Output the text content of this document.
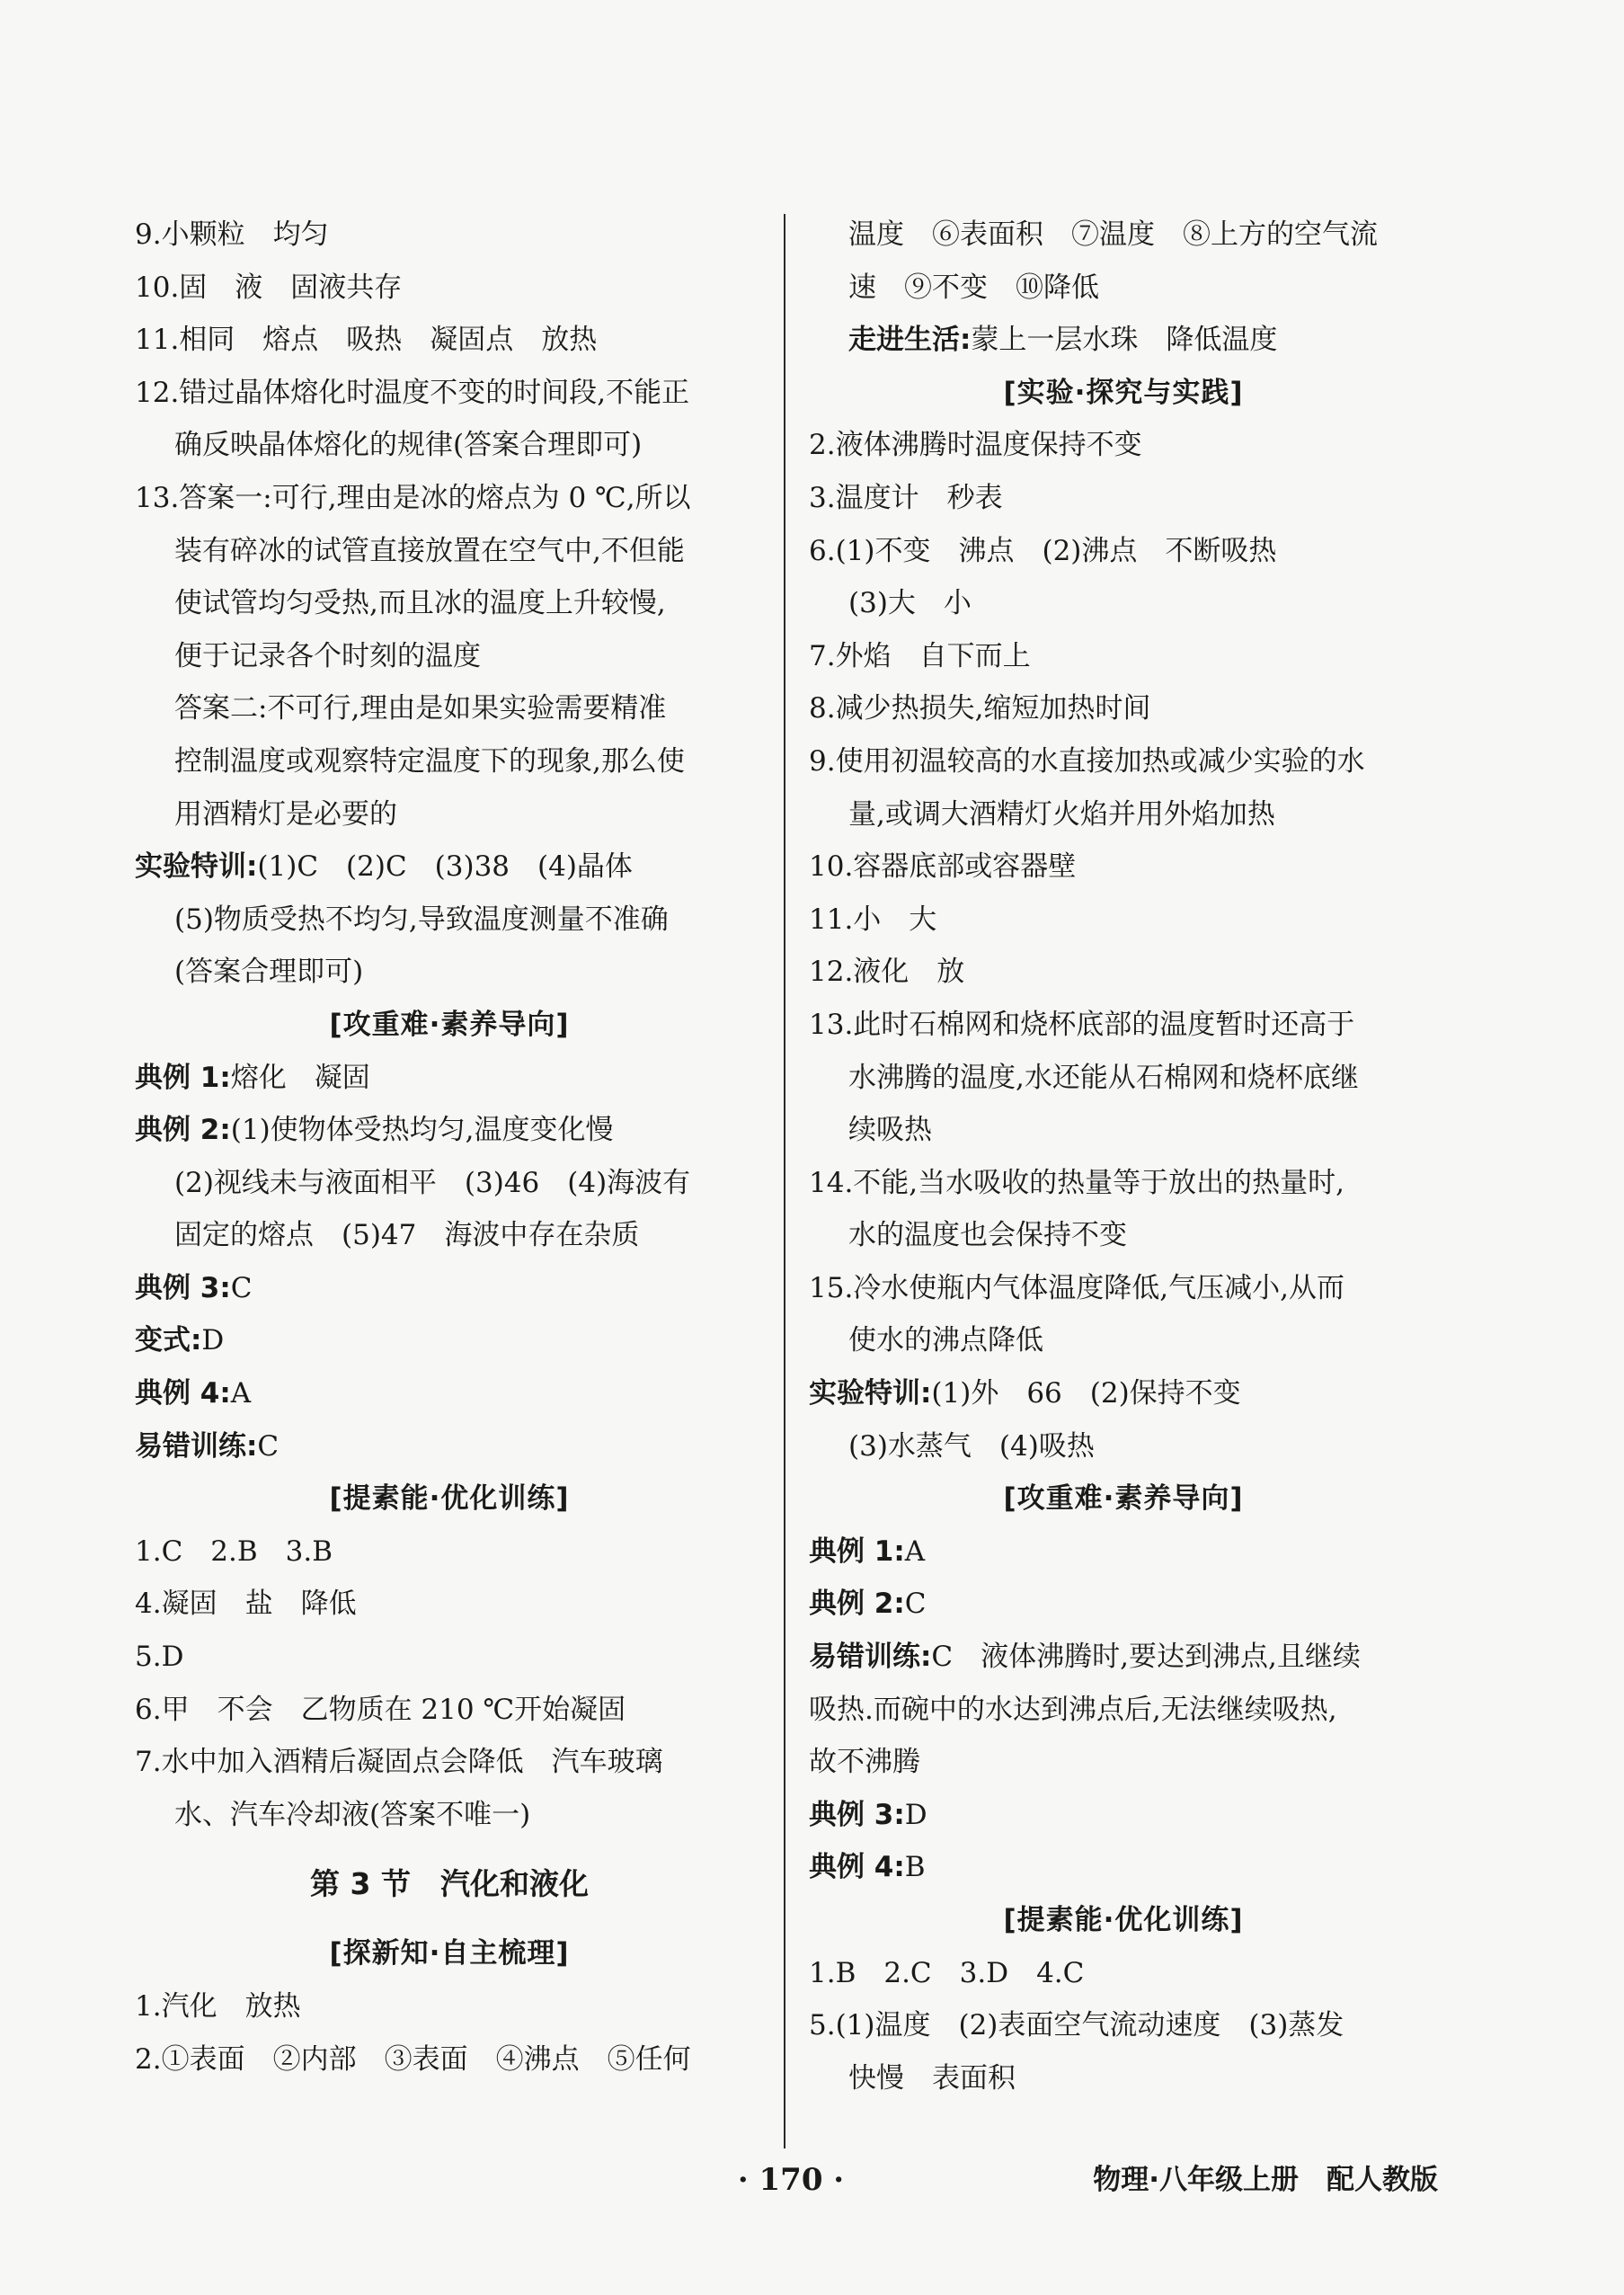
9.小颗粒　均匀
10.固　液　固液共存
11.相同　熔点　吸热　凝固点　放热
12.错过晶体熔化时温度不变的时间段,不能正
确反映晶体熔化的规律(答案合理即可)
13.答案一:可行,理由是冰的熔点为 0 ℃,所以
装有碎冰的试管直接放置在空气中,不但能
使试管均匀受热,而且冰的温度上升较慢,
便于记录各个时刻的温度
答案二:不可行,理由是如果实验需要精准
控制温度或观察特定温度下的现象,那么使
用酒精灯是必要的
实验特训:(1)C　(2)C　(3)38　(4)晶体
(5)物质受热不均匀,导致温度测量不准确
(答案合理即可)
[攻重难·素养导向]
典例 1:熔化　凝固
典例 2:(1)使物体受热均匀,温度变化慢
(2)视线未与液面相平　(3)46　(4)海波有
固定的熔点　(5)47　海波中存在杂质
典例 3:C
变式:D
典例 4:A
易错训练:C
[提素能·优化训练]
1.C　2.B　3.B
4.凝固　盐　降低
5.D
6.甲　不会　乙物质在 210 ℃开始凝固
7.水中加入酒精后凝固点会降低　汽车玻璃
水、汽车冷却液(答案不唯一)
第 3 节　汽化和液化
[探新知·自主梳理]
1.汽化　放热
2.①表面　②内部　③表面　④沸点　⑤任何
温度　⑥表面积　⑦温度　⑧上方的空气流
速　⑨不变　⑩降低
走进生活:蒙上一层水珠　降低温度
[实验·探究与实践]
2.液体沸腾时温度保持不变
3.温度计　秒表
6.(1)不变　沸点　(2)沸点　不断吸热
(3)大　小
7.外焰　自下而上
8.减少热损失,缩短加热时间
9.使用初温较高的水直接加热或减少实验的水
量,或调大酒精灯火焰并用外焰加热
10.容器底部或容器壁
11.小　大
12.液化　放
13.此时石棉网和烧杯底部的温度暂时还高于
水沸腾的温度,水还能从石棉网和烧杯底继
续吸热
14.不能,当水吸收的热量等于放出的热量时,
水的温度也会保持不变
15.冷水使瓶内气体温度降低,气压减小,从而
使水的沸点降低
实验特训:(1)外　66　(2)保持不变
(3)水蒸气　(4)吸热
[攻重难·素养导向]
典例 1:A
典例 2:C
易错训练:C　液体沸腾时,要达到沸点,且继续
吸热.而碗中的水达到沸点后,无法继续吸热,
故不沸腾
典例 3:D
典例 4:B
[提素能·优化训练]
1.B　2.C　3.D　4.C
5.(1)温度　(2)表面空气流动速度　(3)蒸发
快慢　表面积
· 170 ·	物理·八年级上册　配人教版
